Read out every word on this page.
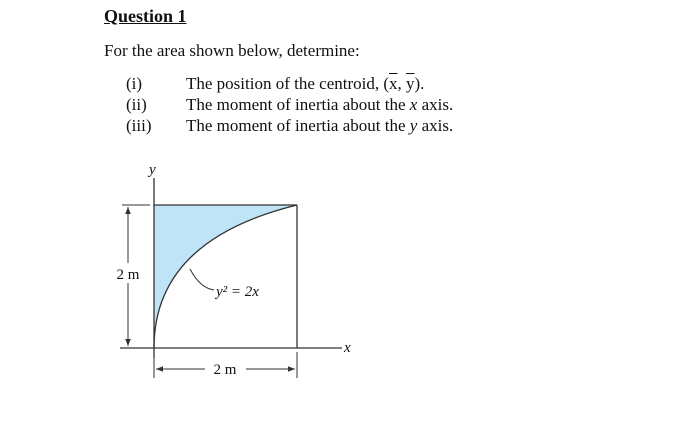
Question 1
For the area shown below, determine:
(i)	The position of the centroid, ($\overline{x}$, $\overline{y}$).
(ii)	The moment of inertia about the x axis.
(iii)	The moment of inertia about the y axis.
y
x
2 m
2 m
y² = 2x
